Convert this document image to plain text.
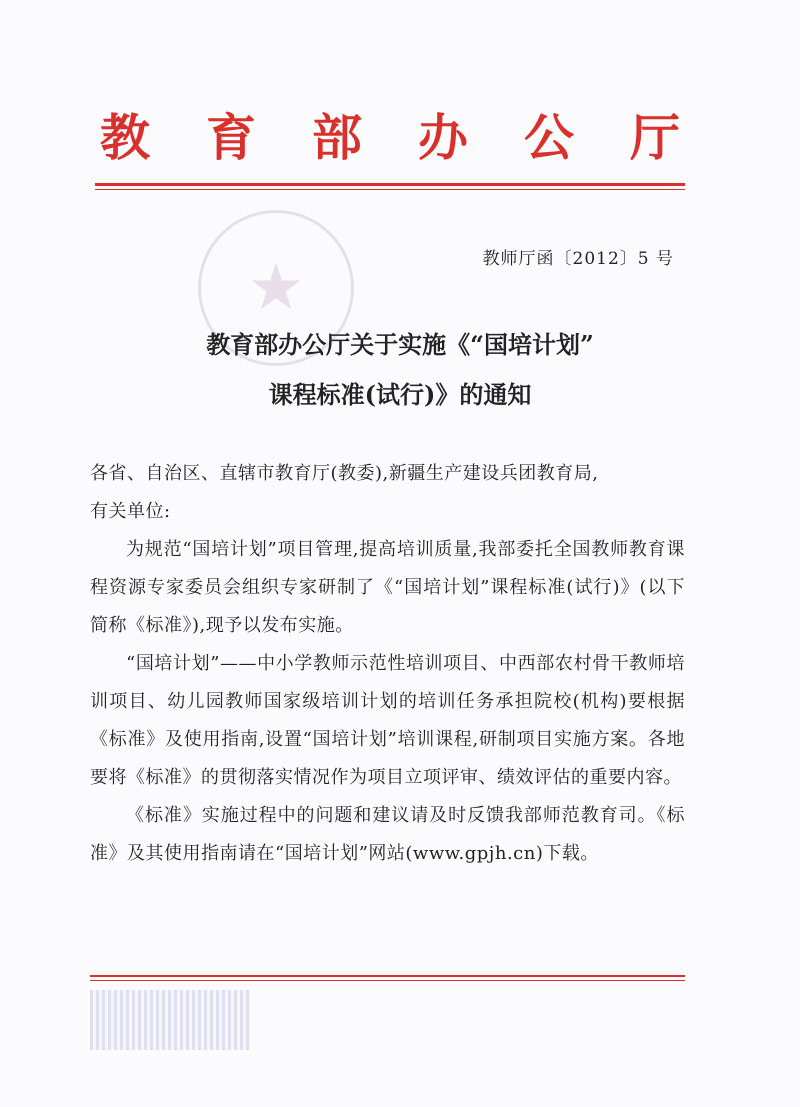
★
教 育 部 办 公 厅
教师厅函〔2012〕5 号
教育部办公厅关于实施《“国培计划”
课程标准(试行)》的通知

各省、自治区、直辖市教育厅(教委),新疆生产建设兵团教育局,

有关单位:

为规范“国培计划”项目管理,提高培训质量,我部委托全国教师教育课程资源专家委员会组织专家研制了《“国培计划”课程标准(试行)》(以下简称《标准》),现予以发布实施。

“国培计划”——中小学教师示范性培训项目、中西部农村骨干教师培训项目、幼儿园教师国家级培训计划的培训任务承担院校(机构)要根据《标准》及使用指南,设置“国培计划”培训课程,研制项目实施方案。各地要将《标准》的贯彻落实情况作为项目立项评审、绩效评估的重要内容。

《标准》实施过程中的问题和建议请及时反馈我部师范教育司。《标准》及其使用指南请在“国培计划”网站(www.gpjh.cn)下载。
